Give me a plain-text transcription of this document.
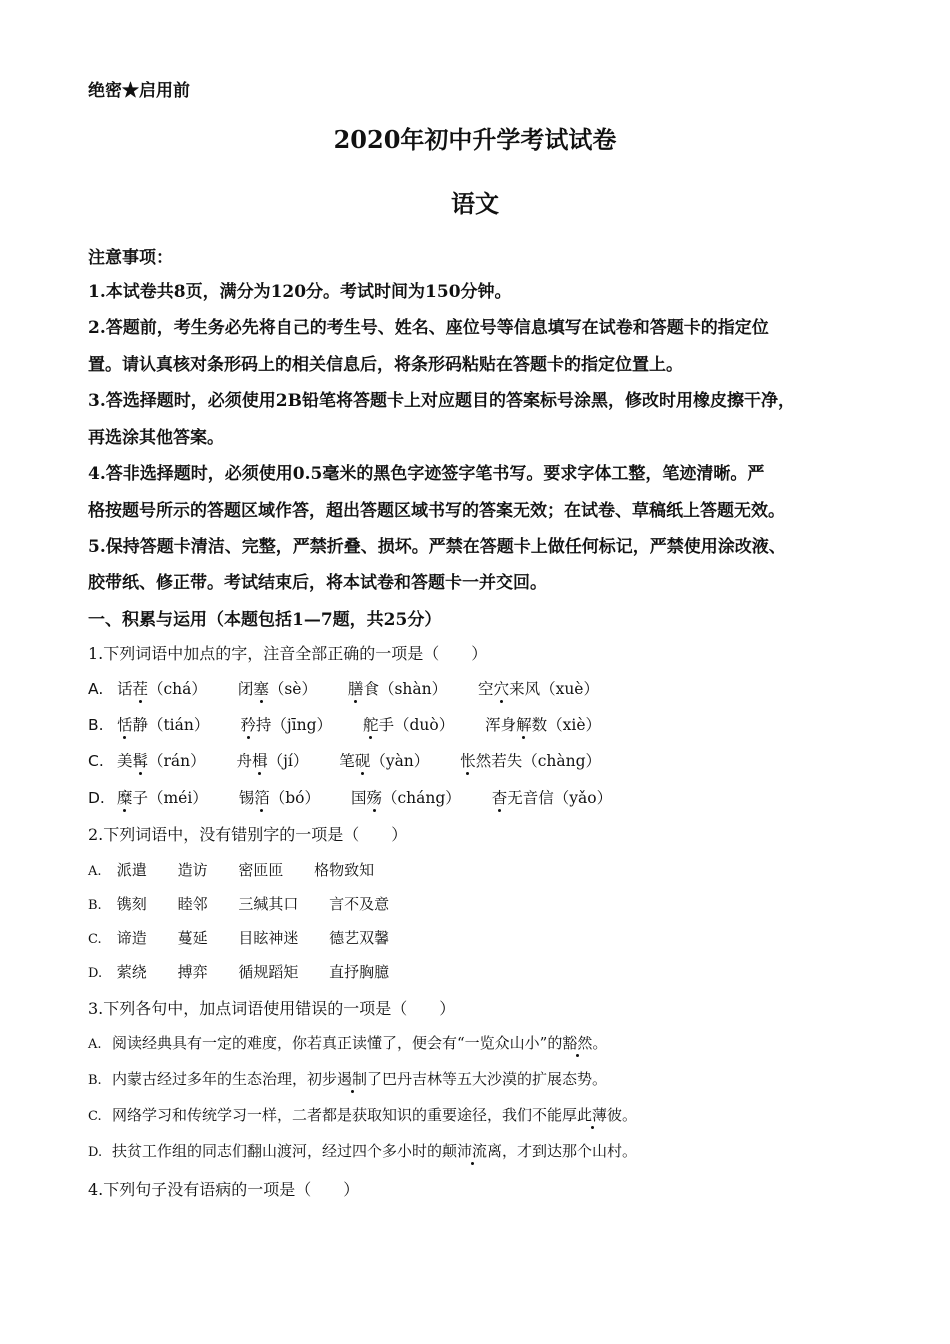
绝密★启用前
2020年初中升学考试试卷
语文
注意事项：
1.本试卷共8页，满分为120分。考试时间为150分钟。
2.答题前，考生务必先将自己的考生号、姓名、座位号等信息填写在试卷和答题卡的指定位
置。请认真核对条形码上的相关信息后，将条形码粘贴在答题卡的指定位置上。
3.答选择题时，必须使用2B铅笔将答题卡上对应题目的答案标号涂黑，修改时用橡皮擦干净，
再选涂其他答案。
4.答非选择题时，必须使用0.5毫米的黑色字迹签字笔书写。要求字体工整，笔迹清晰。严
格按题号所示的答题区域作答，超出答题区域书写的答案无效；在试卷、草稿纸上答题无效。
5.保持答题卡清洁、完整，严禁折叠、损坏。严禁在答题卡上做任何标记，严禁使用涂改液、
胶带纸、修正带。考试结束后，将本试卷和答题卡一并交回。
一、积累与运用（本题包括1—7题，共25分）
1.下列词语中加点的字，注音全部正确的一项是（　　）
A. 话茬（chá） 闭塞（sè） 膳食（shàn） 空穴来风（xuè）
B. 恬静（tián） 矜持（jīng） 舵手（duò） 浑身解数（xiè）
C. 美髯（rán） 舟楫（jí） 笔砚（yàn） 怅然若失（chàng）
D. 糜子（méi） 锡箔（bó） 国殇（cháng） 杳无音信（yǎo）
2.下列词语中，没有错别字的一项是（　　）
A. 派遣 造访 密匝匝 格物致知
B. 镌刻 睦邻 三缄其口 言不及意
C. 谛造 蔓延 目眩神迷 德艺双馨
D. 萦绕 搏弈 循规蹈矩 直抒胸臆
3.下列各句中，加点词语使用错误的一项是（　　）
A. 阅读经典具有一定的难度，你若真正读懂了，便会有“一览众山小”的豁然。
B. 内蒙古经过多年的生态治理，初步遏制了巴丹吉林等五大沙漠的扩展态势。
C. 网络学习和传统学习一样，二者都是获取知识的重要途径，我们不能厚此薄彼。
D. 扶贫工作组的同志们翻山渡河，经过四个多小时的颠沛流离，才到达那个山村。
4.下列句子没有语病的一项是（　　）
